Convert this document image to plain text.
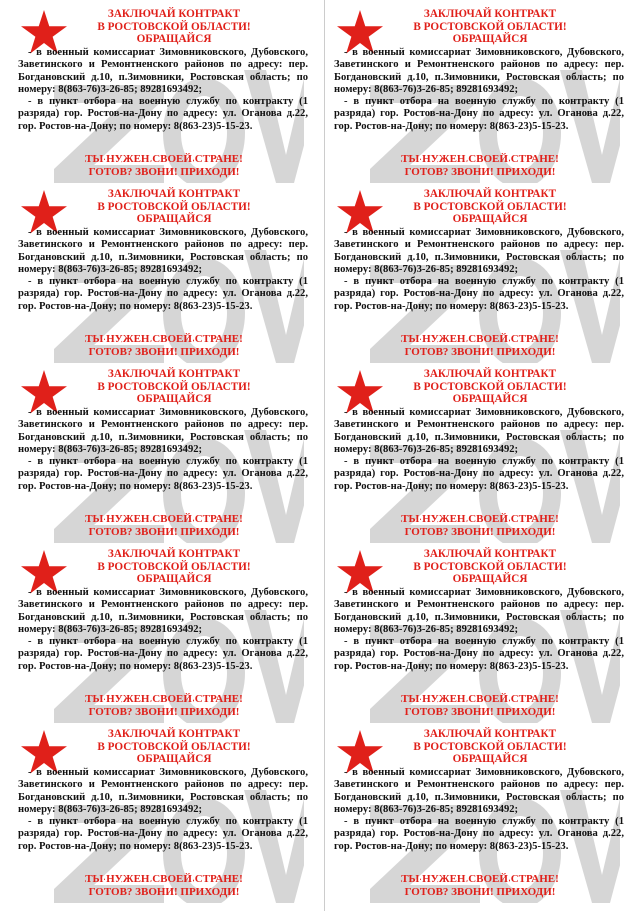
ЗАКЛЮЧАЙ КОНТРАКТ
В РОСТОВСКОЙ ОБЛАСТИ!
ОБРАЩАЙСЯ

- в военный комиссариат Зимовниковского, Дубовского, Заветинского и Ремонтненского районов по адресу: пер. Богдановский д.10, п.Зимовники, Ростовская область; по номеру: 8(863-76)3-26-85; 89281693492;

- в пункт отбора на военную службу по контракту (1 разряда) гор. Ростов-на-Дону по адресу: ул. Оганова д.22, гор. Ростов-на-Дону; по номеру: 8(863-23)5-15-23.

ТЫ НУЖЕН СВОЕЙ СТРАНЕ!
ГОТОВ? ЗВОНИ! ПРИХОДИ!
ЗАКЛЮЧАЙ КОНТРАКТ
В РОСТОВСКОЙ ОБЛАСТИ!
ОБРАЩАЙСЯ

- в военный комиссариат Зимовниковского, Дубовского, Заветинского и Ремонтненского районов по адресу: пер. Богдановский д.10, п.Зимовники, Ростовская область; по номеру: 8(863-76)3-26-85; 89281693492;

- в пункт отбора на военную службу по контракту (1 разряда) гор. Ростов-на-Дону по адресу: ул. Оганова д.22, гор. Ростов-на-Дону; по номеру: 8(863-23)5-15-23.

ТЫ НУЖЕН СВОЕЙ СТРАНЕ!
ГОТОВ? ЗВОНИ! ПРИХОДИ!
ЗАКЛЮЧАЙ КОНТРАКТ
В РОСТОВСКОЙ ОБЛАСТИ!
ОБРАЩАЙСЯ

- в военный комиссариат Зимовниковского, Дубовского, Заветинского и Ремонтненского районов по адресу: пер. Богдановский д.10, п.Зимовники, Ростовская область; по номеру: 8(863-76)3-26-85; 89281693492;

- в пункт отбора на военную службу по контракту (1 разряда) гор. Ростов-на-Дону по адресу: ул. Оганова д.22, гор. Ростов-на-Дону; по номеру: 8(863-23)5-15-23.

ТЫ НУЖЕН СВОЕЙ СТРАНЕ!
ГОТОВ? ЗВОНИ! ПРИХОДИ!
ЗАКЛЮЧАЙ КОНТРАКТ
В РОСТОВСКОЙ ОБЛАСТИ!
ОБРАЩАЙСЯ

- в военный комиссариат Зимовниковского, Дубовского, Заветинского и Ремонтненского районов по адресу: пер. Богдановский д.10, п.Зимовники, Ростовская область; по номеру: 8(863-76)3-26-85; 89281693492;

- в пункт отбора на военную службу по контракту (1 разряда) гор. Ростов-на-Дону по адресу: ул. Оганова д.22, гор. Ростов-на-Дону; по номеру: 8(863-23)5-15-23.

ТЫ НУЖЕН СВОЕЙ СТРАНЕ!
ГОТОВ? ЗВОНИ! ПРИХОДИ!
ЗАКЛЮЧАЙ КОНТРАКТ
В РОСТОВСКОЙ ОБЛАСТИ!
ОБРАЩАЙСЯ

- в военный комиссариат Зимовниковского, Дубовского, Заветинского и Ремонтненского районов по адресу: пер. Богдановский д.10, п.Зимовники, Ростовская область; по номеру: 8(863-76)3-26-85; 89281693492;

- в пункт отбора на военную службу по контракту (1 разряда) гор. Ростов-на-Дону по адресу: ул. Оганова д.22, гор. Ростов-на-Дону; по номеру: 8(863-23)5-15-23.

ТЫ НУЖЕН СВОЕЙ СТРАНЕ!
ГОТОВ? ЗВОНИ! ПРИХОДИ!
ЗАКЛЮЧАЙ КОНТРАКТ
В РОСТОВСКОЙ ОБЛАСТИ!
ОБРАЩАЙСЯ

- в военный комиссариат Зимовниковского, Дубовского, Заветинского и Ремонтненского районов по адресу: пер. Богдановский д.10, п.Зимовники, Ростовская область; по номеру: 8(863-76)3-26-85; 89281693492;

- в пункт отбора на военную службу по контракту (1 разряда) гор. Ростов-на-Дону по адресу: ул. Оганова д.22, гор. Ростов-на-Дону; по номеру: 8(863-23)5-15-23.

ТЫ НУЖЕН СВОЕЙ СТРАНЕ!
ГОТОВ? ЗВОНИ! ПРИХОДИ!
ЗАКЛЮЧАЙ КОНТРАКТ
В РОСТОВСКОЙ ОБЛАСТИ!
ОБРАЩАЙСЯ

- в военный комиссариат Зимовниковского, Дубовского, Заветинского и Ремонтненского районов по адресу: пер. Богдановский д.10, п.Зимовники, Ростовская область; по номеру: 8(863-76)3-26-85; 89281693492;

- в пункт отбора на военную службу по контракту (1 разряда) гор. Ростов-на-Дону по адресу: ул. Оганова д.22, гор. Ростов-на-Дону; по номеру: 8(863-23)5-15-23.

ТЫ НУЖЕН СВОЕЙ СТРАНЕ!
ГОТОВ? ЗВОНИ! ПРИХОДИ!
ЗАКЛЮЧАЙ КОНТРАКТ
В РОСТОВСКОЙ ОБЛАСТИ!
ОБРАЩАЙСЯ

- в военный комиссариат Зимовниковского, Дубовского, Заветинского и Ремонтненского районов по адресу: пер. Богдановский д.10, п.Зимовники, Ростовская область; по номеру: 8(863-76)3-26-85; 89281693492;

- в пункт отбора на военную службу по контракту (1 разряда) гор. Ростов-на-Дону по адресу: ул. Оганова д.22, гор. Ростов-на-Дону; по номеру: 8(863-23)5-15-23.

ТЫ НУЖЕН СВОЕЙ СТРАНЕ!
ГОТОВ? ЗВОНИ! ПРИХОДИ!
ЗАКЛЮЧАЙ КОНТРАКТ
В РОСТОВСКОЙ ОБЛАСТИ!
ОБРАЩАЙСЯ

- в военный комиссариат Зимовниковского, Дубовского, Заветинского и Ремонтненского районов по адресу: пер. Богдановский д.10, п.Зимовники, Ростовская область; по номеру: 8(863-76)3-26-85; 89281693492;

- в пункт отбора на военную службу по контракту (1 разряда) гор. Ростов-на-Дону по адресу: ул. Оганова д.22, гор. Ростов-на-Дону; по номеру: 8(863-23)5-15-23.

ТЫ НУЖЕН СВОЕЙ СТРАНЕ!
ГОТОВ? ЗВОНИ! ПРИХОДИ!
ЗАКЛЮЧАЙ КОНТРАКТ
В РОСТОВСКОЙ ОБЛАСТИ!
ОБРАЩАЙСЯ

- в военный комиссариат Зимовниковского, Дубовского, Заветинского и Ремонтненского районов по адресу: пер. Богдановский д.10, п.Зимовники, Ростовская область; по номеру: 8(863-76)3-26-85; 89281693492;

- в пункт отбора на военную службу по контракту (1 разряда) гор. Ростов-на-Дону по адресу: ул. Оганова д.22, гор. Ростов-на-Дону; по номеру: 8(863-23)5-15-23.

ТЫ НУЖЕН СВОЕЙ СТРАНЕ!
ГОТОВ? ЗВОНИ! ПРИХОДИ!
